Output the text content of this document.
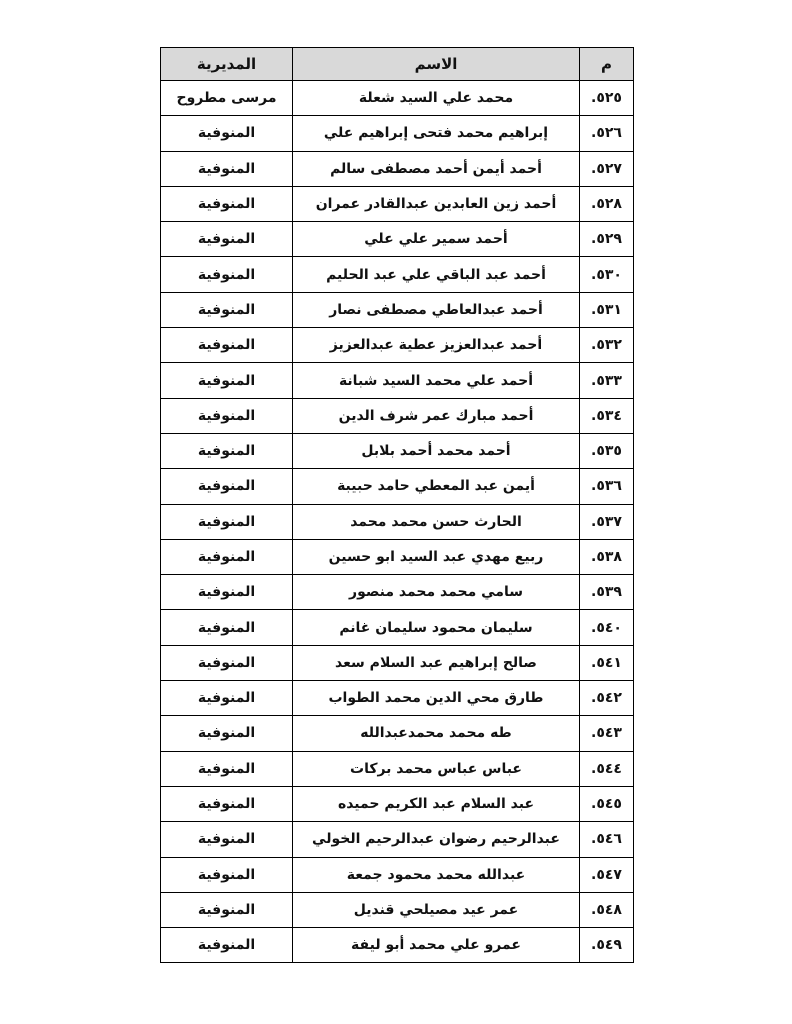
م	الاسم	المديرية
٥٢٥.	محمد علي السيد شعلة	مرسى مطروح
٥٢٦.	إبراهيم محمد فتحى إبراهيم علي	المنوفية
٥٢٧.	أحمد أيمن أحمد مصطفى سالم	المنوفية
٥٢٨.	أحمد زين العابدين عبدالقادر عمران	المنوفية
٥٢٩.	أحمد سمير علي علي	المنوفية
٥٣٠.	أحمد عبد الباقي علي عبد الحليم	المنوفية
٥٣١.	أحمد عبدالعاطي مصطفى نصار	المنوفية
٥٣٢.	أحمد عبدالعزيز عطية عبدالعزيز	المنوفية
٥٣٣.	أحمد علي محمد السيد شبانة	المنوفية
٥٣٤.	أحمد مبارك عمر شرف الدين	المنوفية
٥٣٥.	أحمد محمد أحمد بلابل	المنوفية
٥٣٦.	أيمن عبد المعطي حامد حبيبة	المنوفية
٥٣٧.	الحارث حسن محمد محمد	المنوفية
٥٣٨.	ربيع مهدي عبد السيد ابو حسين	المنوفية
٥٣٩.	سامي محمد محمد منصور	المنوفية
٥٤٠.	سليمان محمود سليمان غانم	المنوفية
٥٤١.	صالح إبراهيم عبد السلام سعد	المنوفية
٥٤٢.	طارق محي الدين محمد الطواب	المنوفية
٥٤٣.	طه محمد محمدعبدالله	المنوفية
٥٤٤.	عباس عباس محمد بركات	المنوفية
٥٤٥.	عبد السلام عبد الكريم حميده	المنوفية
٥٤٦.	عبدالرحيم رضوان عبدالرحيم الخولي	المنوفية
٥٤٧.	عبدالله محمد محمود جمعة	المنوفية
٥٤٨.	عمر عيد مصيلحي قنديل	المنوفية
٥٤٩.	عمرو علي محمد أبو ليفة	المنوفية
